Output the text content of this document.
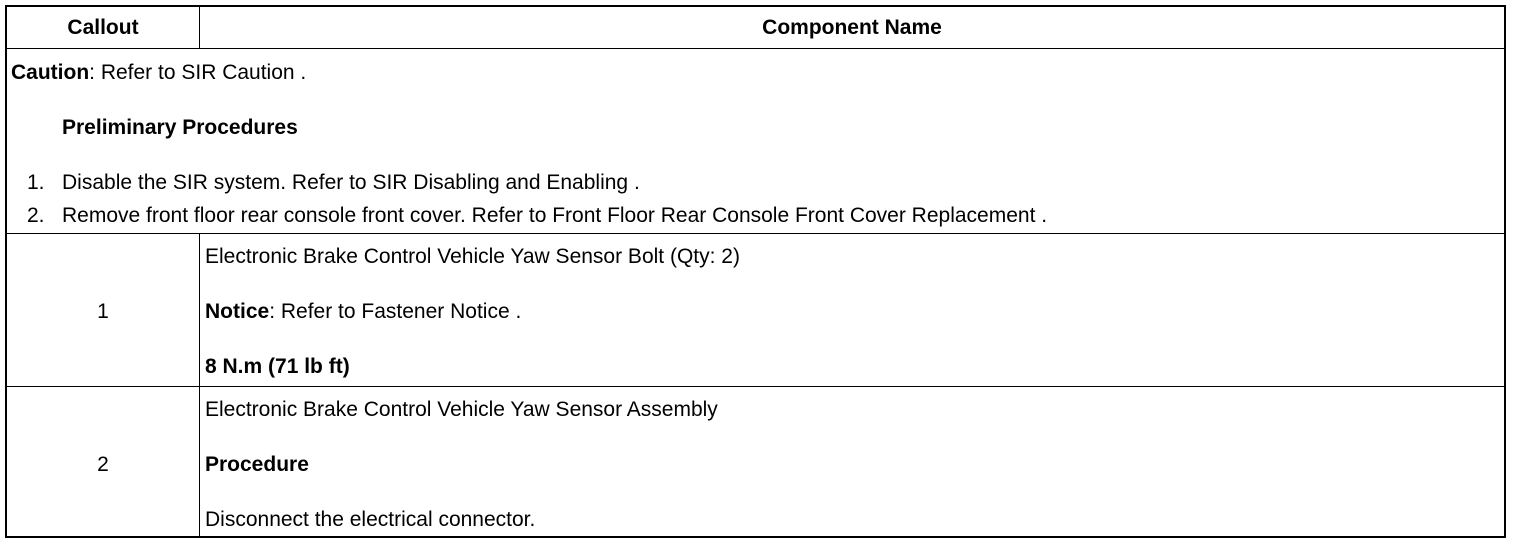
Callout	Component Name
Caution: Refer to SIR Caution .
Preliminary Procedures
1. Disable the SIR system. Refer to SIR Disabling and Enabling .
2. Remove front floor rear console front cover. Refer to Front Floor Rear Console Front Cover Replacement .
1
Electronic Brake Control Vehicle Yaw Sensor Bolt (Qty: 2)
Notice: Refer to Fastener Notice .
8 N.m (71 lb ft)
2
Electronic Brake Control Vehicle Yaw Sensor Assembly
Procedure
Disconnect the electrical connector.
